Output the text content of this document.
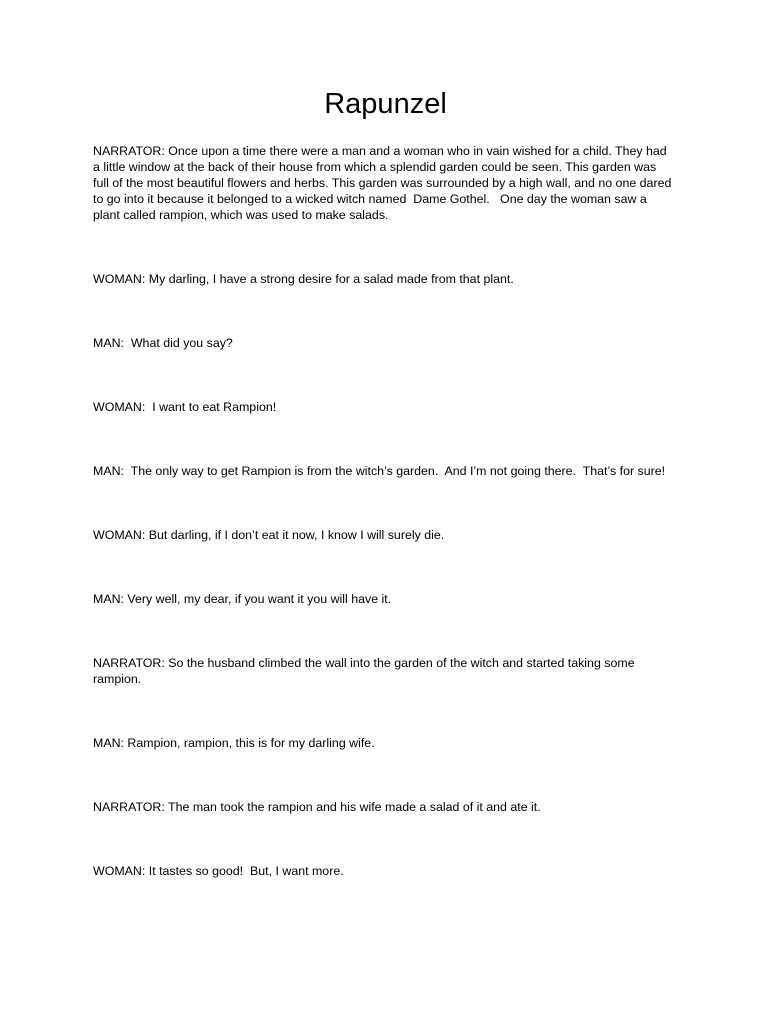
Rapunzel

NARRATOR: Once upon a time there were a man and a woman who in vain wished for a child. They had a little window at the back of their house from which a splendid garden could be seen. This garden was full of the most beautiful flowers and herbs. This garden was surrounded by a high wall, and no one dared to go into it because it belonged to a wicked witch named  Dame Gothel.   One day the woman saw a plant called rampion, which was used to make salads.

WOMAN: My darling, I have a strong desire for a salad made from that plant.

MAN:  What did you say?

WOMAN:  I want to eat Rampion!

MAN:  The only way to get Rampion is from the witch’s garden.  And I’m not going there.  That’s for sure!

WOMAN: But darling, if I don’t eat it now, I know I will surely die.

MAN: Very well, my dear, if you want it you will have it.

NARRATOR: So the husband climbed the wall into the garden of the witch and started taking some rampion.

MAN: Rampion, rampion, this is for my darling wife.

NARRATOR: The man took the rampion and his wife made a salad of it and ate it.

WOMAN: It tastes so good!  But, I want more.
